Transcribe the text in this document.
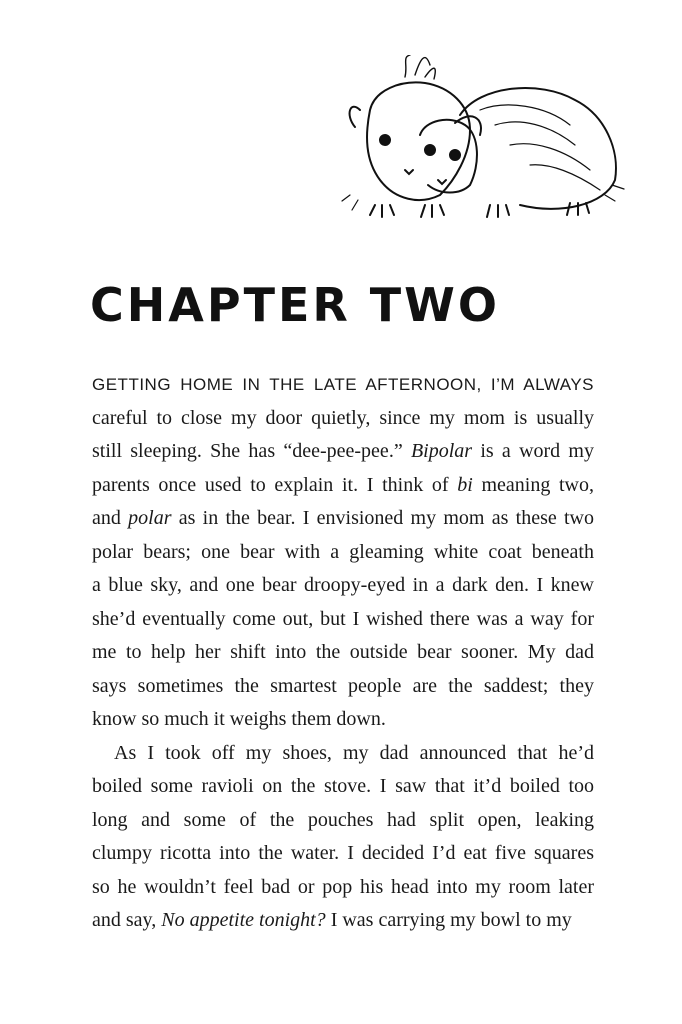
CHAPTER TWO
GETTING HOME IN THE LATE AFTERNOON, I’M ALWAYS
careful to close my door quietly, since my mom is usually
still sleeping. She has “dee-pee-pee.” Bipolar is a word my
parents once used to explain it. I think of bi meaning two,
and polar as in the bear. I envisioned my mom as these two
polar bears; one bear with a gleaming white coat beneath
a blue sky, and one bear droopy-eyed in a dark den. I knew
she’d eventually come out, but I wished there was a way for
me to help her shift into the outside bear sooner. My dad
says sometimes the smartest people are the saddest; they
know so much it weighs them down.
As I took off my shoes, my dad announced that he’d
boiled some ravioli on the stove. I saw that it’d boiled too
long and some of the pouches had split open, leaking
clumpy ricotta into the water. I decided I’d eat five squares
so he wouldn’t feel bad or pop his head into my room later
and say, No appetite tonight? I was carrying my bowl to my
